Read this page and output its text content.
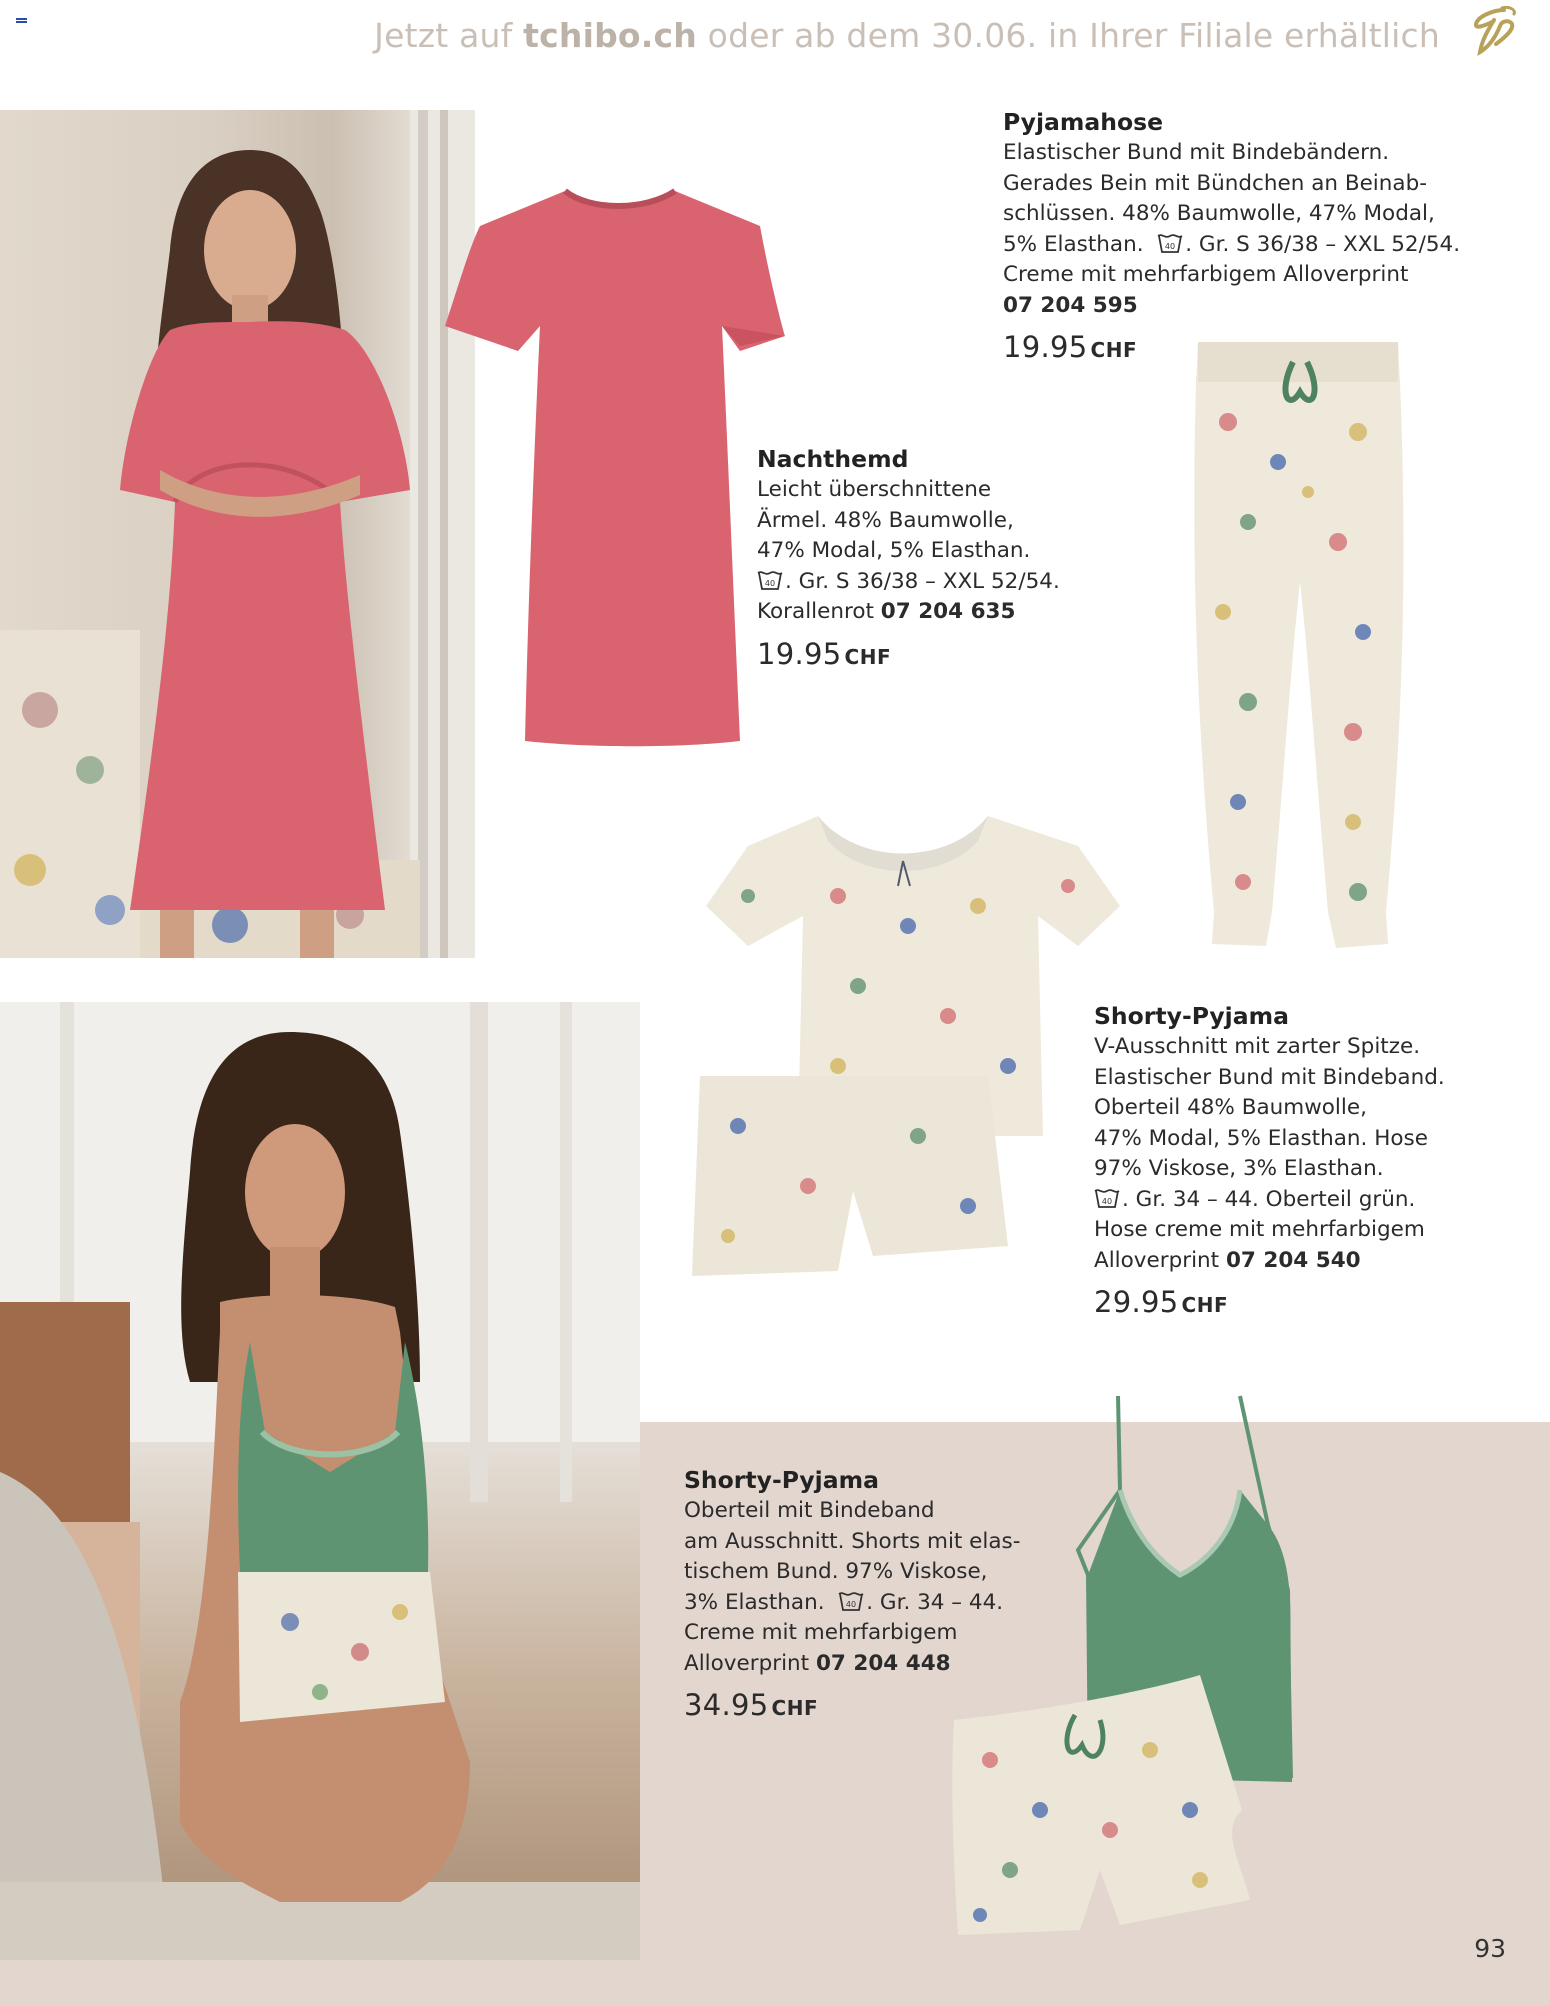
Jetzt auf tchibo.ch oder ab dem 30.06. in Ihrer Filiale erhältlich
Pyjamahose
Elastischer Bund mit Bindebändern.
Gerades Bein mit Bündchen an Beinab-
schlüssen. 48% Baumwolle, 47% Modal,
5% Elasthan.	40 . Gr. S 36/38 – XXL 52/54.
Creme mit mehrfarbigem Alloverprint
07 204 595
19.95 CHF
Nachthemd
Leicht überschnittene
Ärmel. 48% Baumwolle,
47% Modal, 5% Elasthan.
40 . Gr. S 36/38 – XXL 52/54.
Korallenrot 07 204 635
19.95 CHF
Shorty-Pyjama
V-Ausschnitt mit zarter Spitze.
Elastischer Bund mit Bindeband.
Oberteil 48% Baumwolle,
47% Modal, 5% Elasthan. Hose
97% Viskose, 3% Elasthan.
40 . Gr. 34 – 44. Oberteil grün.
Hose creme mit mehrfarbigem
Alloverprint 07 204 540
29.95 CHF
Shorty-Pyjama
Oberteil mit Bindeband
am Ausschnitt. Shorts mit elas-
tischem Bund. 97% Viskose,
3% Elasthan.	40 . Gr. 34 – 44.
Creme mit mehrfarbigem
Alloverprint 07 204 448
34.95 CHF
93
